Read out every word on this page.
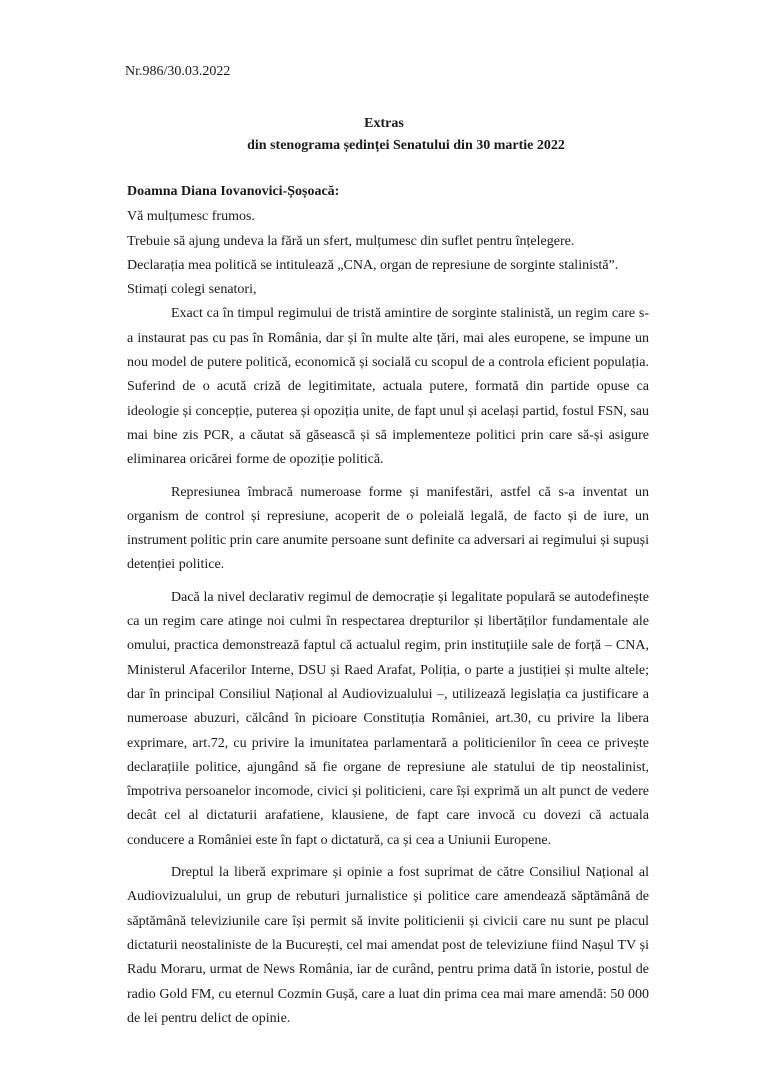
Nr.986/30.03.2022
Extras
din stenograma ședinței Senatului din 30 martie 2022

Doamna Diana Iovanovici-Șoșoacă:

Vă mulțumesc frumos.

Trebuie să ajung undeva la fără un sfert, mulțumesc din suflet pentru înțelegere.

Declarația mea politică se intitulează „CNA, organ de represiune de sorginte stalinistă”.

Stimați colegi senatori,

Exact ca în timpul regimului de tristă amintire de sorginte stalinistă, un regim care s-a instaurat pas cu pas în România, dar și în multe alte țări, mai ales europene, se impune un nou model de putere politică, economică și socială cu scopul de a controla eficient populația. Suferind de o acută criză de legitimitate, actuala putere, formată din partide opuse ca ideologie și concepție, puterea și opoziția unite, de fapt unul și același partid, fostul FSN, sau mai bine zis PCR, a căutat să găsească și să implementeze politici prin care să-și asigure eliminarea oricărei forme de opoziție politică.

Represiunea îmbracă numeroase forme și manifestări, astfel că s-a inventat un organism de control și represiune, acoperit de o poleială legală, de facto și de iure, un instrument politic prin care anumite persoane sunt definite ca adversari ai regimului și supuși detenției politice.

Dacă la nivel declarativ regimul de democrație și legalitate populară se autodefinește ca un regim care atinge noi culmi în respectarea drepturilor și libertăților fundamentale ale omului, practica demonstrează faptul că actualul regim, prin instituțiile sale de forță – CNA, Ministerul Afacerilor Interne, DSU și Raed Arafat, Poliția, o parte a justiției și multe altele; dar în principal Consiliul Național al Audiovizualului –, utilizează legislația ca justificare a numeroase abuzuri, călcând în picioare Constituția României, art.30, cu privire la libera exprimare, art.72, cu privire la imunitatea parlamentară a politicienilor în ceea ce privește declarațiile politice, ajungând să fie organe de represiune ale statului de tip neostalinist, împotriva persoanelor incomode, civici și politicieni, care își exprimă un alt punct de vedere decât cel al dictaturii arafatiene, klausiene, de fapt care invocă cu dovezi că actuala conducere a României este în fapt o dictatură, ca și cea a Uniunii Europene.

Dreptul la liberă exprimare și opinie a fost suprimat de către Consiliul Național al Audiovizualului, un grup de rebuturi jurnalistice și politice care amendează săptămână de săptămână televiziunile care își permit să invite politicienii și civicii care nu sunt pe placul dictaturii neostaliniste de la București, cel mai amendat post de televiziune fiind Nașul TV și Radu Moraru, urmat de News România, iar de curând, pentru prima dată în istorie, postul de radio Gold FM, cu eternul Cozmin Gușă, care a luat din prima cea mai mare amendă: 50 000 de lei pentru delict de opinie.
